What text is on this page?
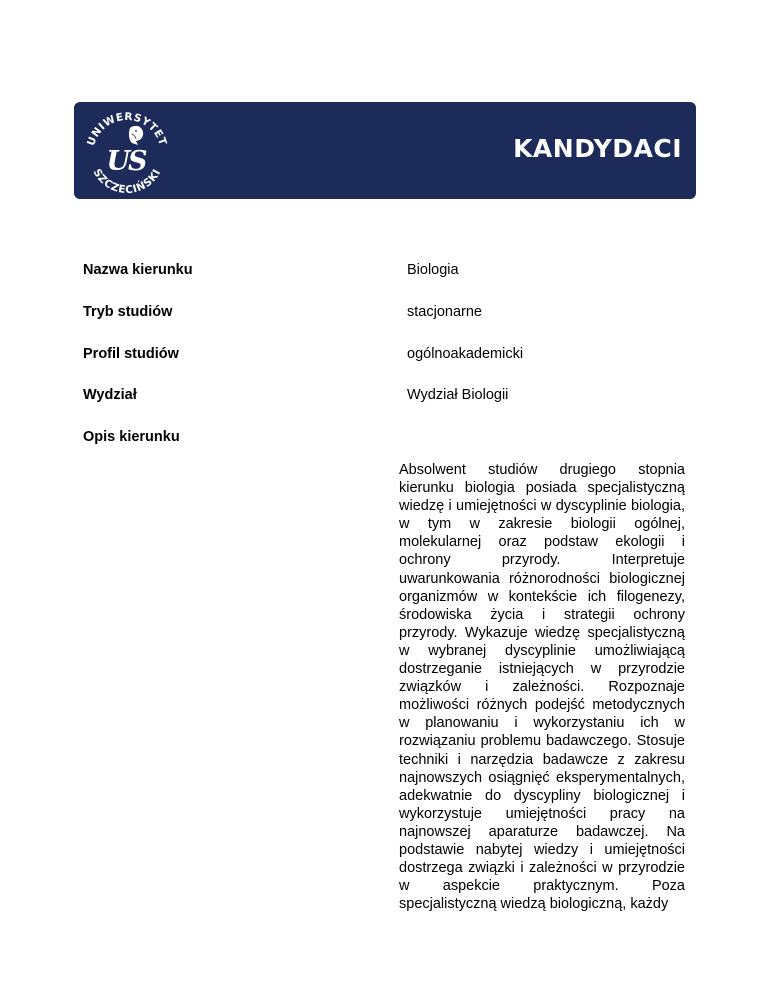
UNIWERSYTET
SZCZECIŃSKI
US	KANDYDACI
Nazwa kierunku	Biologia
Tryb studiów	stacjonarne
Profil studiów	ogólnoakademicki
Wydział	Wydział Biologii
Opis kierunku

Absolwent studiów drugiego stopnia kierunku biologia posiada specjalistyczną wiedzę i umiejętności w dyscyplinie biologia, w tym w zakresie biologii ogólnej, molekularnej oraz podstaw ekologii i ochrony przyrody. Interpretuje uwarunkowania różnorodności biologicznej organizmów w kontekście ich filogenezy, środowiska życia i strategii ochrony przyrody. Wykazuje wiedzę specjalistyczną w wybranej dyscyplinie umożliwiającą dostrzeganie istniejących w przyrodzie związków i zależności. Rozpoznaje możliwości różnych podejść metodycznych w planowaniu i wykorzystaniu ich w rozwiązaniu problemu badawczego. Stosuje techniki i narzędzia badawcze z zakresu najnowszych osiągnięć eksperymentalnych, adekwatnie do dyscypliny biologicznej i wykorzystuje umiejętności pracy na najnowszej aparaturze badawczej. Na podstawie nabytej wiedzy i umiejętności dostrzega związki i zależności w przyrodzie w aspekcie praktycznym. Poza specjalistyczną wiedzą biologiczną, każdy
